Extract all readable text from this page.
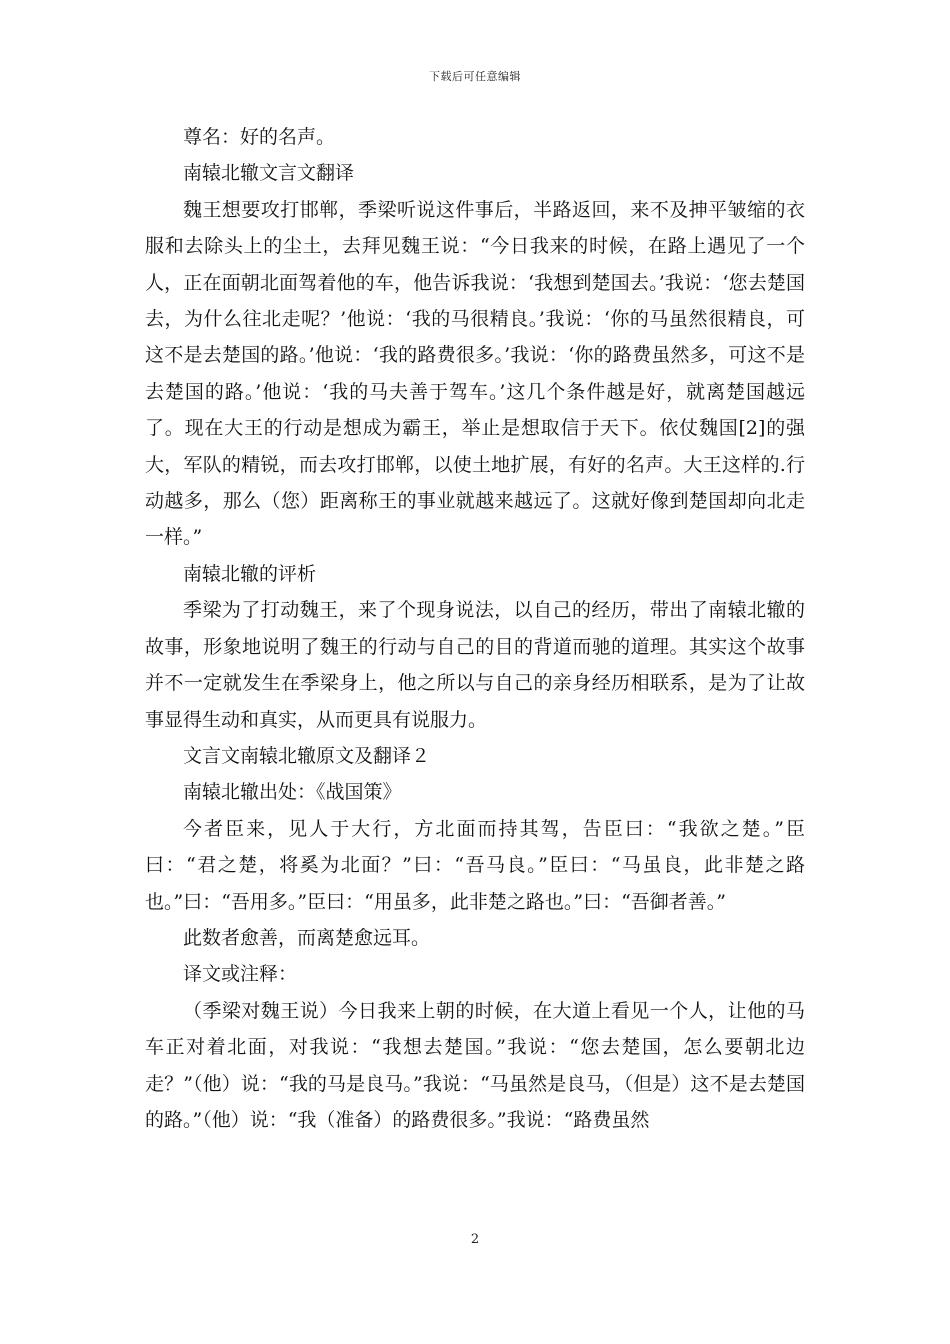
下载后可任意编辑

尊名：好的名声。

南辕北辙文言文翻译

魏王想要攻打邯郸，季梁听说这件事后，半路返回，来不及抻平皱缩的衣服和去除头上的尘土，去拜见魏王说：“今日我来的时候，在路上遇见了一个人，正在面朝北面驾着他的车，他告诉我说：‘我想到楚国去。’我说：‘您去楚国去，为什么往北走呢？’他说：‘我的马很精良。’我说：‘你的马虽然很精良，可这不是去楚国的路。’他说：‘我的路费很多。’我说：‘你的路费虽然多，可这不是去楚国的路。’他说：‘我的马夫善于驾车。’这几个条件越是好，就离楚国越远了。现在大王的行动是想成为霸王，举止是想取信于天下。依仗魏国[2]的强大，军队的精锐，而去攻打邯郸，以使土地扩展，有好的名声。大王这样的.行动越多，那么（您）距离称王的事业就越来越远了。这就好像到楚国却向北走一样。”

南辕北辙的评析

季梁为了打动魏王，来了个现身说法，以自己的经历，带出了南辕北辙的故事，形象地说明了魏王的行动与自己的目的背道而驰的道理。其实这个故事并不一定就发生在季梁身上，他之所以与自己的亲身经历相联系，是为了让故事显得生动和真实，从而更具有说服力。

文言文南辕北辙原文及翻译２

南辕北辙出处：《战国策》

今者臣来，见人于大行，方北面而持其驾，告臣曰：“我欲之楚。”臣曰：“君之楚，将奚为北面？”曰：“吾马良。”臣曰：“马虽良，此非楚之路也。”曰：“吾用多。”臣曰：“用虽多，此非楚之路也。”曰：“吾御者善。”

此数者愈善，而离楚愈远耳。

译文或注释：

（季梁对魏王说）今日我来上朝的时候，在大道上看见一个人，让他的马车正对着北面，对我说：“我想去楚国。”我说：“您去楚国，怎么要朝北边走？”（他）说：“我的马是良马。”我说：“马虽然是良马，（但是）这不是去楚国的路。”（他）说：“我（准备）的路费很多。”我说：“路费虽然

2
